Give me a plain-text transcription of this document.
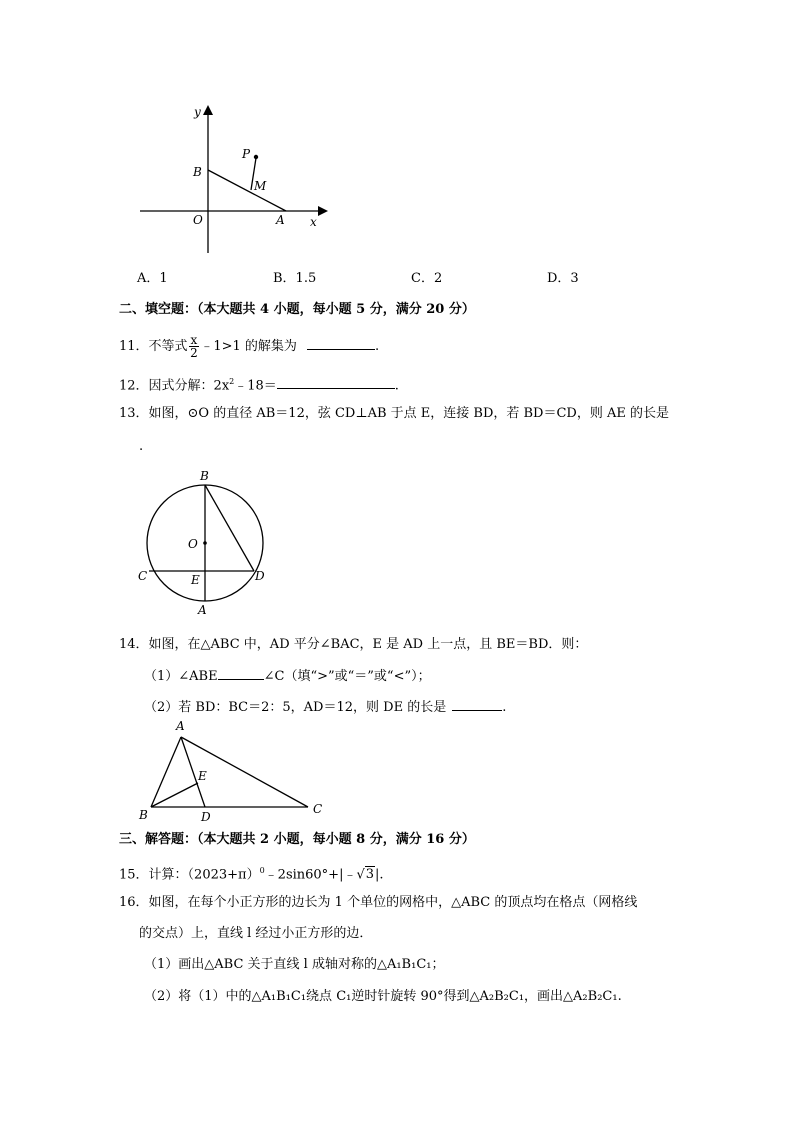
y
x
O	A
B
P
M
A．1	B．1.5	C．2	D．3
二、填空题：（本大题共 4 小题，每小题 5 分，满分 20 分）
11．不等式 $\frac{x}{2}$ ﹣1>1 的解集为	.
12．因式分解：$2x^2﹣18=$	.
13．如图，⊙O 的直径 AB＝12，弦 CD⊥AB 于点 E，连接 BD，若 BD＝CD，则 AE 的长是
.
B
O
C	E	D
A
14．如图，在△ABC 中，AD 平分∠BAC，E 是 AD 上一点，且 BE＝BD．则：
（1）∠ABE	∠C（填“>”或“＝”或“<”）；
（2）若 BD：BC＝2：5，AD＝12，则 DE 的长是	.
A
E
B	D
C
三、解答题：（本大题共 2 小题，每小题 8 分，满分 16 分）
15．计算：$(2023+\pi)^0﹣2\sin 60^\circ+|﹣√3|$.
16．如图，在每个小正方形的边长为 1 个单位的网格中，△ABC 的顶点均在格点（网格线
的交点）上，直线 l 经过小正方形的边．
（1）画出△ABC 关于直线 l 成轴对称的△A₁B₁C₁；
（2）将（1）中的△A₁B₁C₁绕点 C₁逆时针旋转 90°得到△A₂B₂C₁，画出△A₂B₂C₁.
